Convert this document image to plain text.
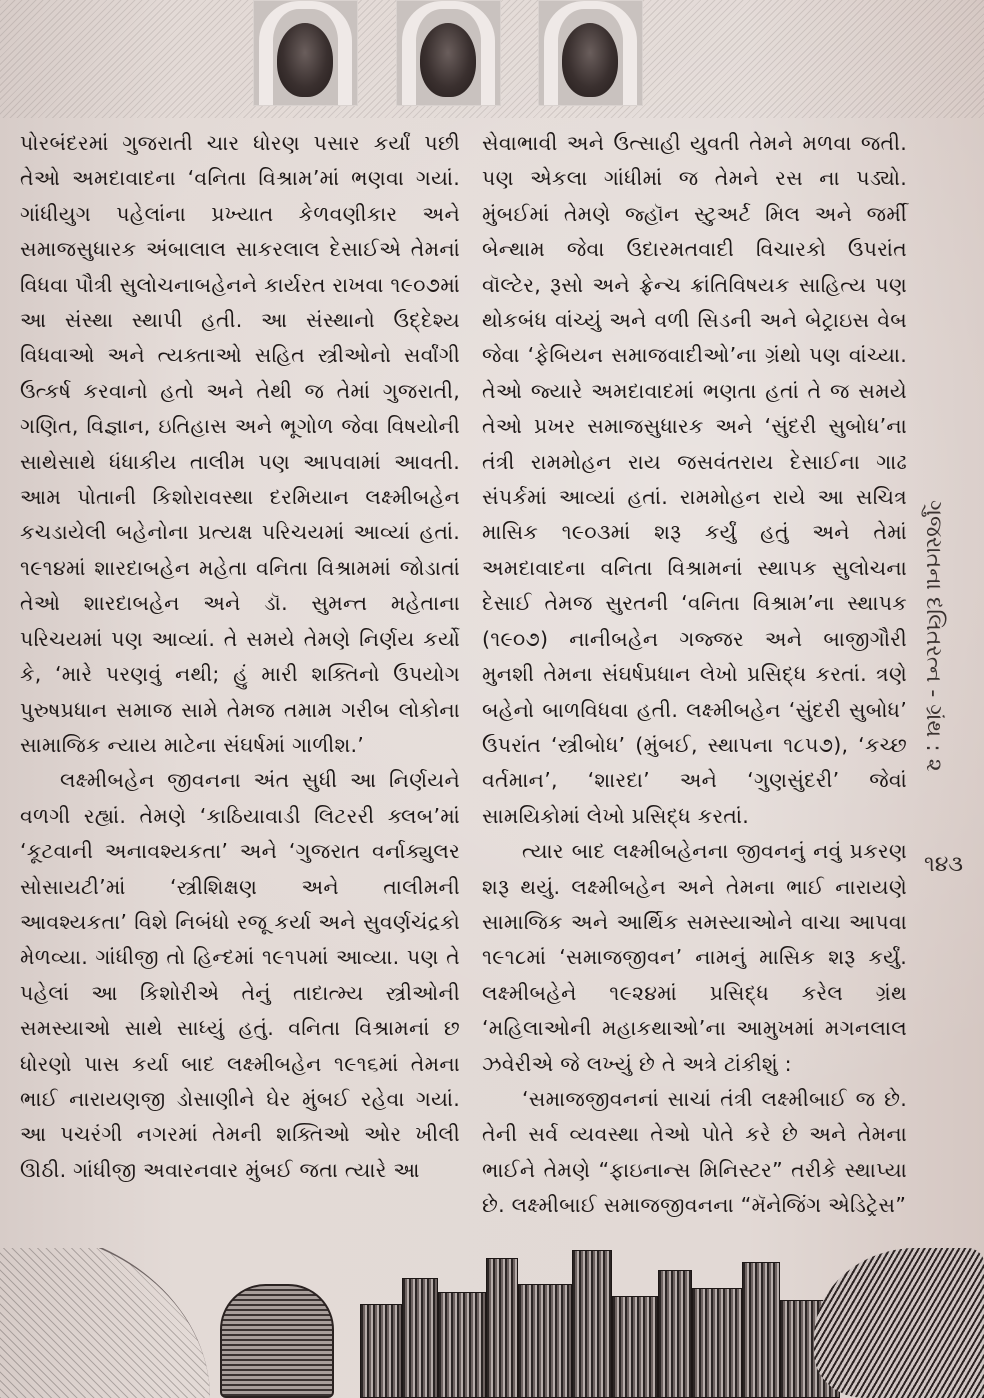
પોરબંદરમાં ગુજરાતી ચાર ધોરણ પસાર કર્યાં પછી તેઓ અમદાવાદના ‘વનિતા વિશ્રામ’માં ભણવા ગયાં. ગાંધીયુગ પહેલાંના પ્રખ્યાત કેળવણીકાર અને સમાજસુધારક અંબાલાલ સાકરલાલ દેસાઈએ તેમનાં વિધવા પૌત્રી સુલોચનાબહેનને કાર્યરત રાખવા ૧૯૦૭માં આ સંસ્થા સ્થાપી હતી. આ સંસ્થાનો ઉદ્દેશ્ય વિધવાઓ અને ત્યક્તાઓ સહિત સ્ત્રીઓનો સર્વાંગી ઉત્કર્ષ કરવાનો હતો અને તેથી જ તેમાં ગુજરાતી, ગણિત, વિજ્ઞાન, ઇતિહાસ અને ભૂગોળ જેવા વિષયોની સાથેસાથે ધંધાકીય તાલીમ પણ આપવામાં આવતી. આમ પોતાની કિશોરાવસ્થા દરમિયાન લક્ષ્મીબહેન કચડાયેલી બહેનોના પ્રત્યક્ષ પરિચયમાં આવ્યાં હતાં. ૧૯૧૪માં શારદાબહેન મહેતા વનિતા વિશ્રામમાં જોડાતાં તેઓ શારદાબહેન અને ડૉ. સુમન્ત મહેતાના પરિચયમાં પણ આવ્યાં. તે સમયે તેમણે નિર્ણય કર્યો કે, ‘મારે પરણવું નથી; હું મારી શક્તિનો ઉપયોગ પુરુષપ્રધાન સમાજ સામે તેમજ તમામ ગરીબ લોકોના સામાજિક ન્યાય માટેના સંઘર્ષમાં ગાળીશ.’

લક્ષ્મીબહેન જીવનના અંત સુધી આ નિર્ણયને વળગી રહ્યાં. તેમણે ‘કાઠિયાવાડી લિટરરી ક્લબ’માં ‘કૂટવાની અનાવશ્યકતા’ અને ‘ગુજરાત વર્નાક્યુલર સોસાયટી’માં ‘સ્ત્રીશિક્ષણ અને તાલીમની આવશ્યકતા’ વિશે નિબંધો રજૂ કર્યા અને સુવર્ણચંદ્રકો મેળવ્યા. ગાંધીજી તો હિન્દમાં ૧૯૧૫માં આવ્યા. પણ તે પહેલાં આ કિશોરીએ તેનું તાદાત્મ્ય સ્ત્રીઓની સમસ્યાઓ સાથે સાધ્યું હતું. વનિતા વિશ્રામનાં છ ધોરણો પાસ કર્યા બાદ લક્ષ્મીબહેન ૧૯૧૬માં તેમના ભાઈ નારાયણજી ડોસાણીને ઘેર મુંબઈ રહેવા ગયાં. આ પચરંગી નગરમાં તેમની શક્તિઓ ઓર ખીલી ઊઠી. ગાંધીજી અવારનવાર મુંબઈ જતા ત્યારે આ

સેવાભાવી અને ઉત્સાહી યુવતી તેમને મળવા જતી. પણ એકલા ગાંધીમાં જ તેમને રસ ના પડ્યો. મુંબઈમાં તેમણે જ્હૉન સ્ટુઅર્ટ મિલ અને જર્મી બેન્થામ જેવા ઉદારમતવાદી વિચારકો ઉપરાંત વૉલ્ટેર, રૂસો અને ફ્રેન્ચ ક્રાંતિવિષયક સાહિત્ય પણ થોકબંધ વાંચ્યું અને વળી સિડની અને બેટ્રાઇસ વેબ જેવા ‘ફેબિયન સમાજવાદીઓ’ના ગ્રંથો પણ વાંચ્યા. તેઓ જ્યારે અમદાવાદમાં ભણતા હતાં તે જ સમયે તેઓ પ્રખર સમાજસુધારક અને ‘સુંદરી સુબોધ’ના તંત્રી રામમોહન રાય જસવંતરાય દેસાઈના ગાઢ સંપર્કમાં આવ્યાં હતાં. રામમોહન રાયે આ સચિત્ર માસિક ૧૯૦૩માં શરૂ કર્યું હતું અને તેમાં અમદાવાદના વનિતા વિશ્રામનાં સ્થાપક સુલોચના દેસાઈ તેમજ સુરતની ‘વનિતા વિશ્રામ’ના સ્થાપક (૧૯૦૭) નાનીબહેન ગજ્જર અને બાજીગૌરી મુનશી તેમના સંઘર્ષપ્રધાન લેખો પ્રસિદ્ધ કરતાં. ત્રણે બહેનો બાળવિધવા હતી. લક્ષ્મીબહેન ‘સુંદરી સુબોધ’ ઉપરાંત ‘સ્ત્રીબોધ’ (મુંબઈ, સ્થાપના ૧૮૫૭), ‘કચ્છ વર્તમાન’, ‘શારદા’ અને ‘ગુણસુંદરી’ જેવાં સામયિકોમાં લેખો પ્રસિદ્ધ કરતાં.

ત્યાર બાદ લક્ષ્મીબહેનના જીવનનું નવું પ્રકરણ શરૂ થયું. લક્ષ્મીબહેન અને તેમના ભાઈ નારાયણે સામાજિક અને આર્થિક સમસ્યાઓને વાચા આપવા ૧૯૧૮માં ‘સમાજજીવન’ નામનું માસિક શરૂ કર્યું. લક્ષ્મીબહેને ૧૯૨૪માં પ્રસિદ્ધ કરેલ ગ્રંથ ‘મહિલાઓની મહાકથાઓ’ના આમુખમાં મગનલાલ ઝવેરીએ જે લખ્યું છે તે અત્રે ટાંકીશું :

‘સમાજજીવનનાં સાચાં તંત્રી લક્ષ્મીબાઈ જ છે. તેની સર્વ વ્યવસ્થા તેઓ પોતે કરે છે અને તેમના ભાઈને તેમણે “ફાઇનાન્સ મિનિસ્ટર” તરીકે સ્થાપ્યા છે. લક્ષ્મીબાઈ સમાજજીવનના “મૅનેજિંગ એડિટ્રેસ”

ગુજરાતના દલિતરત્ન - ગ્રંથ : ૨
૧૪૩
